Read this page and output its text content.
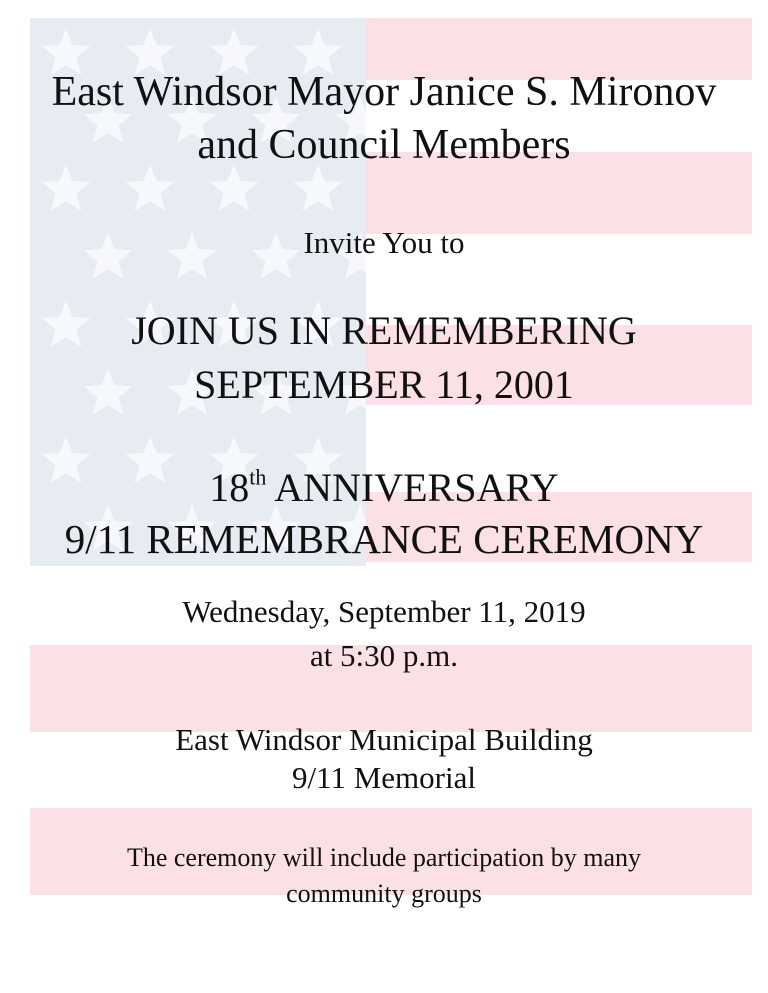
East Windsor Mayor Janice S. Mironov
and Council Members
Invite You to
JOIN US IN REMEMBERING
SEPTEMBER 11, 2001
18th ANNIVERSARY
9/11 REMEMBRANCE CEREMONY
Wednesday, September 11, 2019
at 5:30 p.m.
East Windsor Municipal Building
9/11 Memorial
The ceremony will include participation by many
community groups
